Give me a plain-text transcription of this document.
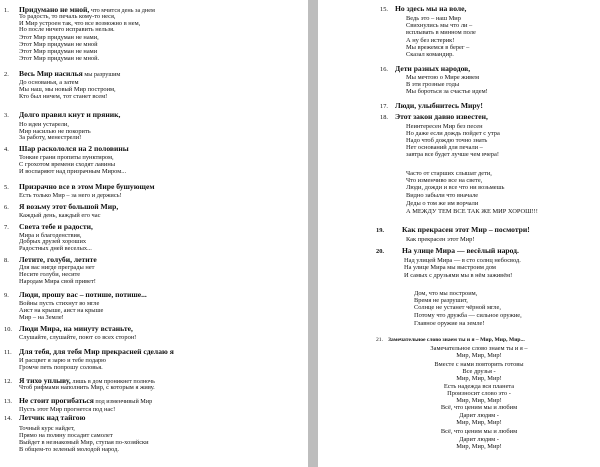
1. Придумано не мной, что мчится день за днем
То радость, то печаль кому-то неся,
И Мир устроен так, что все возможно в нем,
Но после ничего исправить нельзя.
Этот Мир придуман не нами,
Этот Мир придуман не мной
Этот Мир придуман не нами
Этот Мир придуман не мной.
2. Весь Мир насилья мы разрушим
До основанья, а затем
Мы наш, мы новый Мир построим,
Кто был ничем, тот станет всем!
3. Долго правил кнут и пряник,
Но идеи устарели,
Мир насилью не покорить
За работу, менестрели!
4. Шар раскололся на 2 половины
Тонкие грани пропиты пунктиром,
С грохотом времени сходят лавины
И воспаряют над призрачным Миром...
5. Призрачно все в этом Мире бушующем
Есть только Мир – за него и держись!
6. Я возьму этот большой Мир,
Каждый день, каждый его час
7. Света тебе и радости,
Мира и благоденствия,
Добрых друзей хороших
Радостных дней веселых...
8. Летите, голуби, летите
Для вас нигде преграды нет
Несите голуби, несите
Народам Мира свой привет!
9. Люди, прошу вас – потише, потише...
Войны пусть стихнут во мгле
Аист на крыше, аист на крыше
Мир – на Земле!
10. Люди Мира, на минуту встаньте,
Слушайте, слушайте, поют со всех сторон!
11. Для тебя, для тебя Мир прекрасней сделаю я
И расцвет я зарю и тебе подарю
Громче петь попрошу соловья.
12. Я тихо уплыву, лишь в дом проникнет полночь
Чтоб рифмами наполнить Мир, с которым я живу.
13. Не стоит прогибаться под изменчивый Мир
Пусть этот Мир прогнется под нас!
14. Летчик над тайгою
Точный курс найдет,
Прямо на поляну посадит самолет
Выйдет в незнакомый Мир, ступая по-хозяйски
В общем-то зеленый молодой народ.
15. Но здесь мы на воле,
Ведь это – наш Мир
Свихнулись мы что ли –
всплывать в минном поле
А ну без истерик!
Мы врежемся в берег –
Сказал командир.
16. Дети разных народов,
Мы мечтою о Мире живем
В эти грозные годы
Мы бороться за счастье идем!
17. Люди, улыбнитесь Миру!
18. Этот закон давно известен,
Неинтересен Мир без песен
Но даже если дождь пойдет с утра
Надо чтоб дождю точно знать
Нет оснований для печали –
завтра все будет лучше чем вчера!
Часто от старших слышат дети,
Что изменчиво все на свете,
Люди, дожди и все что ни возьмешь
Видно забыли что вначале
Деды о том же им ворчали
А МЕЖДУ ТЕМ ВСЕ ТАК ЖЕ МИР ХОРОШ!!!
19. Как прекрасен этот Мир – посмотри!
Как прекрасен этот Мир!
20. На улице Мира — весёлый народ.
Над улицей Мира — в сто солнц небосвод.
На улице Мира мы выстроим дом
И самых с друзьями мы в нём заживём!
Дом, что мы построим,
Время не разрушит,
Солнце не устанет чёрной мгле,
Потому что дружба — сильное оружие,
Главное оружие на земле!
21. Замечательное слово знаем ты и я – Мир, Мир, Мир...
Замечательное слово знаем ты и я –
Мир, Мир, Мир!
Вместе с нами повторить готовы
Все друзья -
Мир, Мир, Мир!
Есть надежда вся планета
Произносит слово это -
Мир, Мир, Мир!
Всё, что ценим мы и любим
Дарит людям -
Мир, Мир, Мир!
Всё, что ценим мы и любим
Дарит людям -
Мир, Мир, Мир!
